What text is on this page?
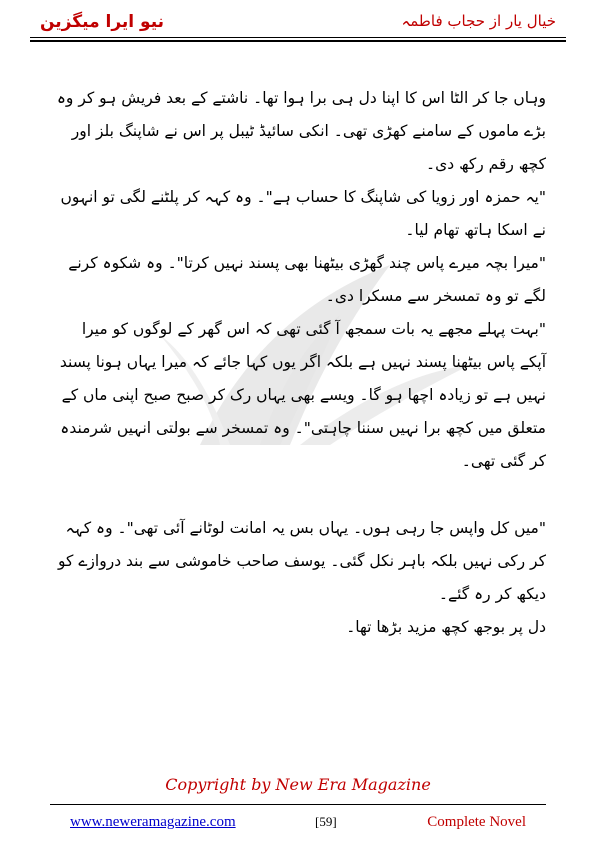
نیو ایرا میگزین	خیال یار از حجاب فاطمہ

وہاں جا کر الٹا اس کا اپنا دل ہی برا ہوا تھا۔ ناشتے کے بعد فریش ہو کر وہ بڑے ماموں کے سامنے کھڑی تھی۔ انکی سائیڈ ٹیبل پر اس نے شاپنگ بلز اور کچھ رقم رکھ دی۔

"یہ حمزہ اور زویا کی شاپنگ کا حساب ہے"۔ وہ کہہ کر پلٹنے لگی تو انہوں نے اسکا ہاتھ تھام لیا۔

"میرا بچہ میرے پاس چند گھڑی بیٹھنا بھی پسند نہیں کرتا"۔ وہ شکوہ کرنے لگے تو وہ تمسخر سے مسکرا دی۔

"بہت پہلے مجھے یہ بات سمجھ آ گئی تھی کہ اس گھر کے لوگوں کو میرا آپکے پاس بیٹھنا پسند نہیں ہے بلکہ اگر یوں کہا جائے کہ میرا یہاں ہونا پسند نہیں ہے تو زیادہ اچھا ہو گا۔ ویسے بھی یہاں رک کر صبح صبح اپنی ماں کے متعلق میں کچھ برا نہیں سننا چاہتی"۔ وہ تمسخر سے بولتی انہیں شرمندہ کر گئی تھی۔

"میں کل واپس جا رہی ہوں۔ یہاں بس یہ امانت لوٹانے آئی تھی"۔ وہ کہہ کر رکی نہیں بلکہ باہر نکل گئی۔ یوسف صاحب خاموشی سے بند دروازے کو دیکھ کر رہ گئے۔

دل پر بوجھ کچھ مزید بڑھا تھا۔

Copyright by New Era Magazine
www.neweramagazine.com	[59]	Complete Novel
